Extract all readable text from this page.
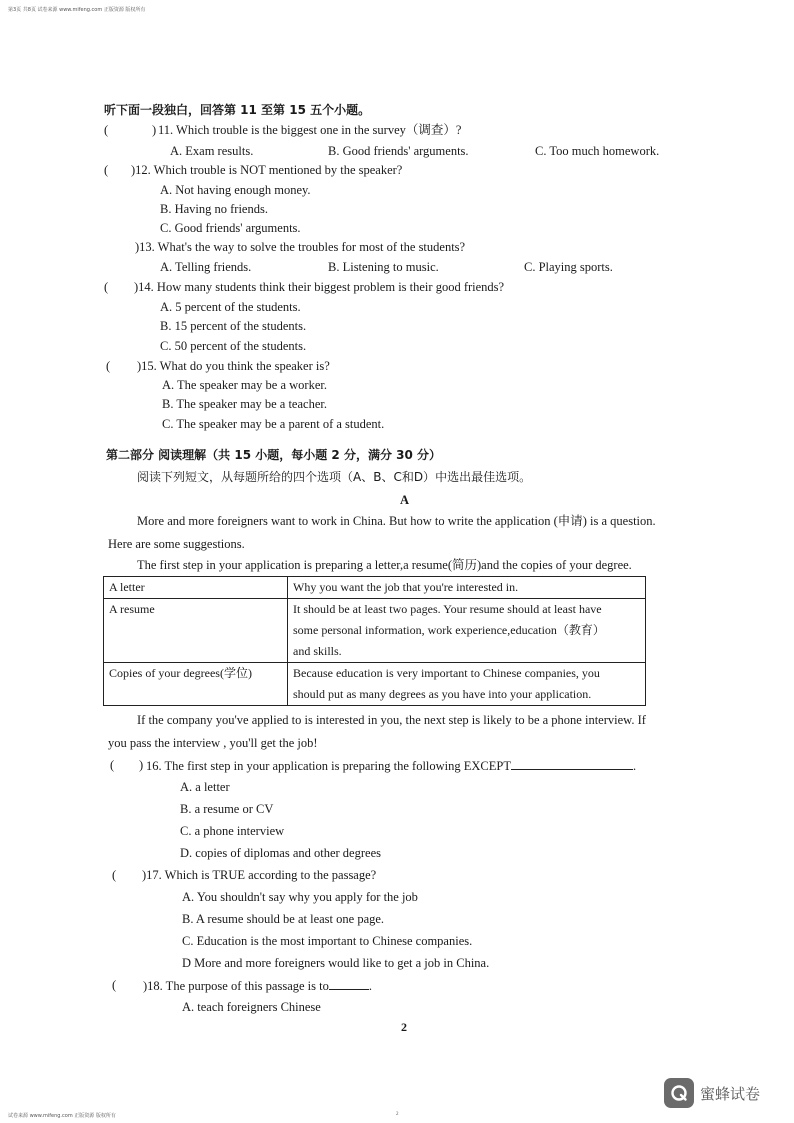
第3页 共8页 试卷来源 www.mifeng.com 正版资源 版权所有
听下面一段独白，回答第 11 至第 15 五个小题。
(	) 11. Which trouble is the biggest one in the survey（调查）?
A. Exam results.	B. Good friends' arguments.	C. Too much homework.
( )12. Which trouble is NOT mentioned by the speaker?
A. Not having enough money.
B. Having no friends.
C. Good friends' arguments.
)13. What's the way to solve the troubles for most of the students?
A. Telling friends.	B. Listening to music.	C. Playing sports.
( )14. How many students think their biggest problem is their good friends?
A. 5 percent of the students.
B. 15 percent of the students.
C. 50 percent of the students.
( )15. What do you think the speaker is?
A. The speaker may be a worker.
B. The speaker may be a teacher.
C. The speaker may be a parent of a student.
第二部分 阅读理解（共 15 小题，每小题 2 分，满分 30 分）
阅读下列短文，从每题所给的四个选项（A、B、C和D）中选出最佳选项。
A
More and more foreigners want to work in China. But how to write the application (申请) is a question.
Here are some suggestions.
The first step in your application is preparing a letter,a resume(简历)and the copies of your degree.
A letter	Why you want the job that you're interested in.

A resume	It should be at least two pages. Your resume should at least have
some personal information, work experience,education（教育）
and skills.

Copies of your degrees(学位)	Because education is very important to Chinese companies, you
should put as many degrees as you have into your application.
If the company you've applied to is interested in you, the next step is likely to be a phone interview. If
you pass the interview , you'll get the job!
( ) 16. The first step in your application is preparing the following EXCEPT	.
A. a letter
B. a resume or CV
C. a phone interview
D. copies of diplomas and other degrees
( )17. Which is TRUE according to the passage?
A. You shouldn't say why you apply for the job
B. A resume should be at least one page.
C. Education is the most important to Chinese companies.
D More and more foreigners would like to get a job in China.
( )18. The purpose of this passage is to	.
A. teach foreigners Chinese
2
蜜蜂试卷
试卷来源 www.mifeng.com 正版资源 版权所有	2
